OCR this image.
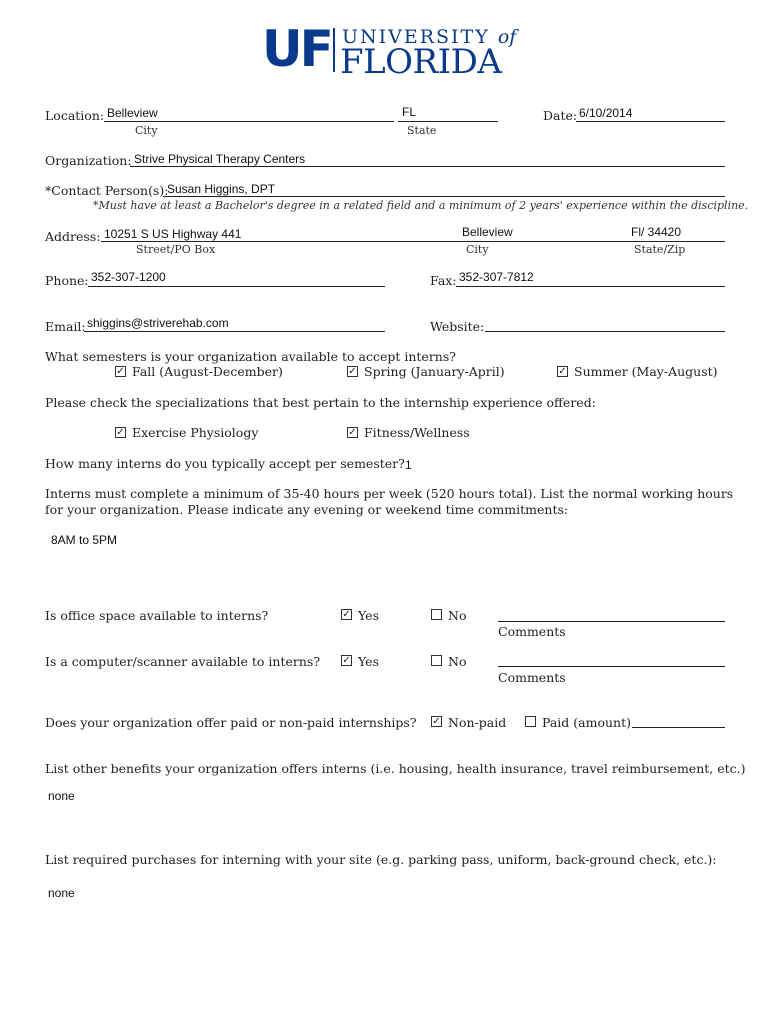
UF UNIVERSITY of
FLORIDA
Location: Belleview
City
FL
State
Date: 6/10/2014
Organization: Strive Physical Therapy Centers
*Contact Person(s):
Susan Higgins, DPT
*Must have at least a Bachelor's degree in a related field and a minimum of 2 years' experience within the discipline.
Address: 10251 S US Highway 441
Street/PO Box
Belleview
City
Fl/ 34420
State/Zip
Phone: 352-307-1200	Fax: 352-307-7812
Email: shiggins@striverehab.com	Website:
What semesters is your organization available to accept interns?
✓ Fall (August-December)	✓ Spring (January-April)	✓ Summer (May-August)
Please check the specializations that best pertain to the internship experience offered:
✓ Exercise Physiology	✓ Fitness/Wellness
How many interns do you typically accept per semester? 1
Interns must complete a minimum of 35-40 hours per week (520 hours total). List the normal working hours
for your organization. Please indicate any evening or weekend time commitments:
8AM to 5PM
Is office space available to interns?	✓ Yes	No
Comments
Is a computer/scanner available to interns? ✓ Yes	No
Comments
Does your organization offer paid or non-paid internships? ✓ Non-paid	Paid (amount)
List other benefits your organization offers interns (i.e. housing, health insurance, travel reimbursement, etc.)
none
List required purchases for interning with your site (e.g. parking pass, uniform, back-ground check, etc.):
none
